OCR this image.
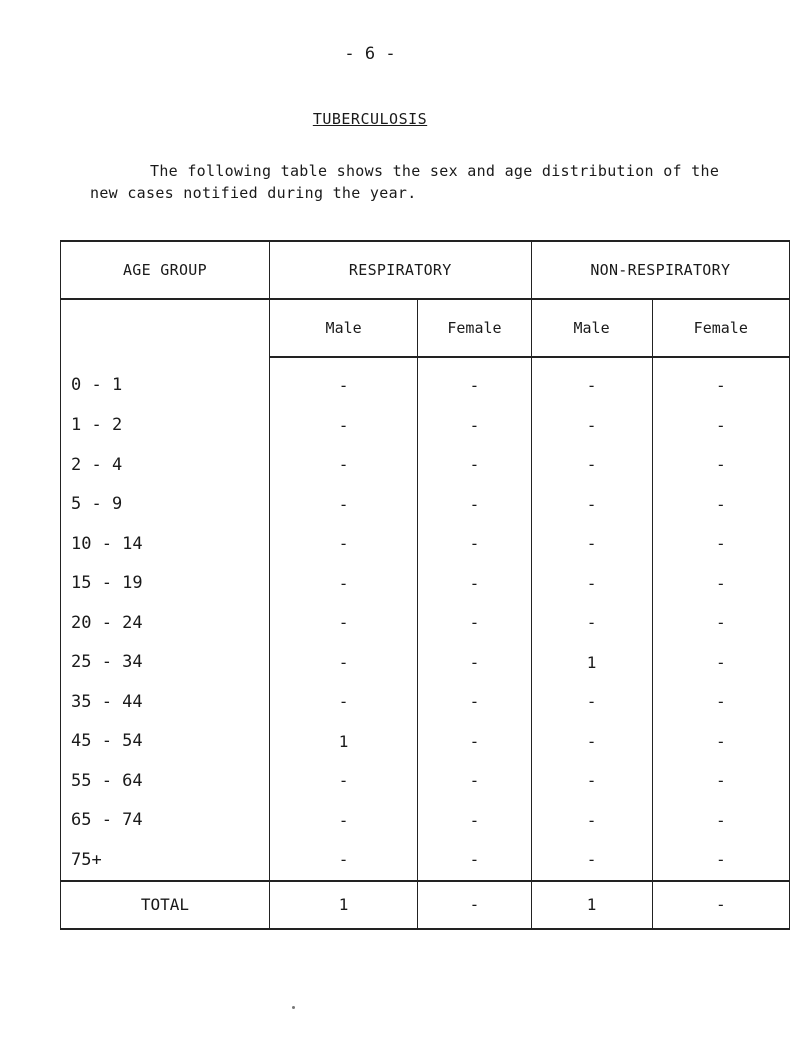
- 6 -
TUBERCULOSIS
The following table shows the sex and age distribution of the new cases notified during the year.
AGE GROUP	RESPIRATORY		NON-RESPIRATORY	
	Male	Female	Male	Female
0 - 1	-	-	-	-
1 - 2	-	-	-	-
2 - 4	-	-	-	-
5 - 9	-	-	-	-
10 - 14	-	-	-	-
15 - 19	-	-	-	-
20 - 24	-	-	-	-
25 - 34	-	-	1	-
35 - 44	-	-	-	-
45 - 54	1	-	-	-
55 - 64	-	-	-	-
65 - 74	-	-	-	-
75+	-	-	-	-
TOTAL	1	-	1	-
